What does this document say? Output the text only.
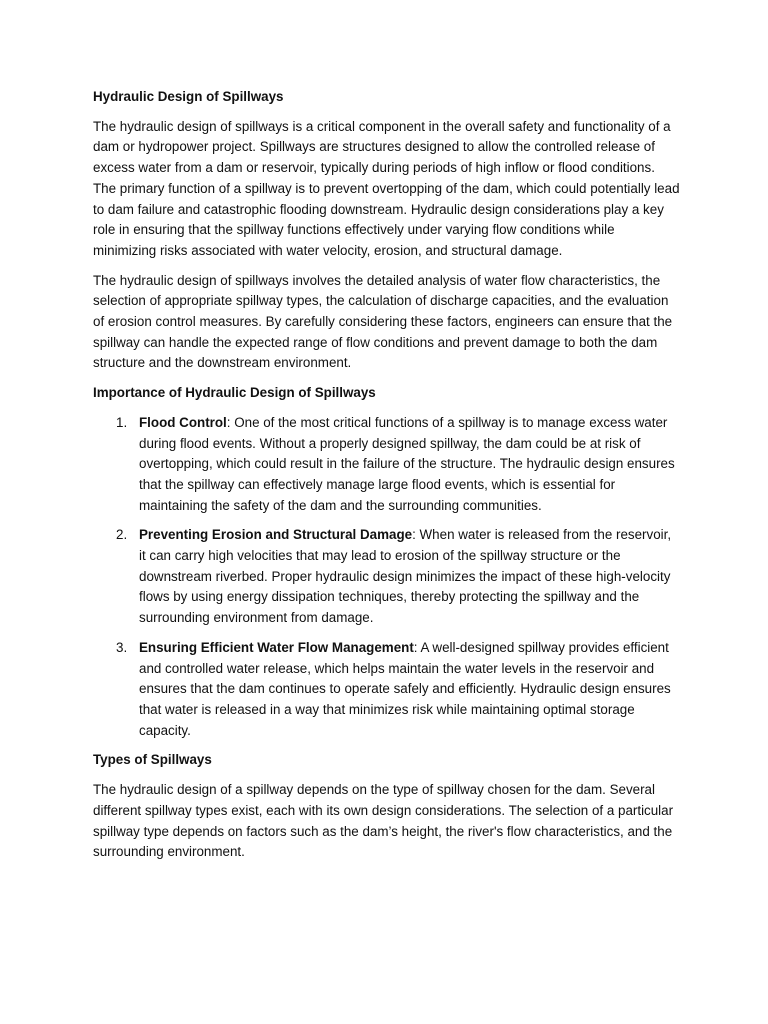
Hydraulic Design of Spillways
The hydraulic design of spillways is a critical component in the overall safety and functionality of a dam or hydropower project. Spillways are structures designed to allow the controlled release of excess water from a dam or reservoir, typically during periods of high inflow or flood conditions. The primary function of a spillway is to prevent overtopping of the dam, which could potentially lead to dam failure and catastrophic flooding downstream. Hydraulic design considerations play a key role in ensuring that the spillway functions effectively under varying flow conditions while minimizing risks associated with water velocity, erosion, and structural damage.
The hydraulic design of spillways involves the detailed analysis of water flow characteristics, the selection of appropriate spillway types, the calculation of discharge capacities, and the evaluation of erosion control measures. By carefully considering these factors, engineers can ensure that the spillway can handle the expected range of flow conditions and prevent damage to both the dam structure and the downstream environment.
Importance of Hydraulic Design of Spillways
1. Flood Control: One of the most critical functions of a spillway is to manage excess water during flood events. Without a properly designed spillway, the dam could be at risk of overtopping, which could result in the failure of the structure. The hydraulic design ensures that the spillway can effectively manage large flood events, which is essential for maintaining the safety of the dam and the surrounding communities.
2. Preventing Erosion and Structural Damage: When water is released from the reservoir, it can carry high velocities that may lead to erosion of the spillway structure or the downstream riverbed. Proper hydraulic design minimizes the impact of these high-velocity flows by using energy dissipation techniques, thereby protecting the spillway and the surrounding environment from damage.
3. Ensuring Efficient Water Flow Management: A well-designed spillway provides efficient and controlled water release, which helps maintain the water levels in the reservoir and ensures that the dam continues to operate safely and efficiently. Hydraulic design ensures that water is released in a way that minimizes risk while maintaining optimal storage capacity.
Types of Spillways
The hydraulic design of a spillway depends on the type of spillway chosen for the dam. Several different spillway types exist, each with its own design considerations. The selection of a particular spillway type depends on factors such as the dam’s height, the river's flow characteristics, and the surrounding environment.
